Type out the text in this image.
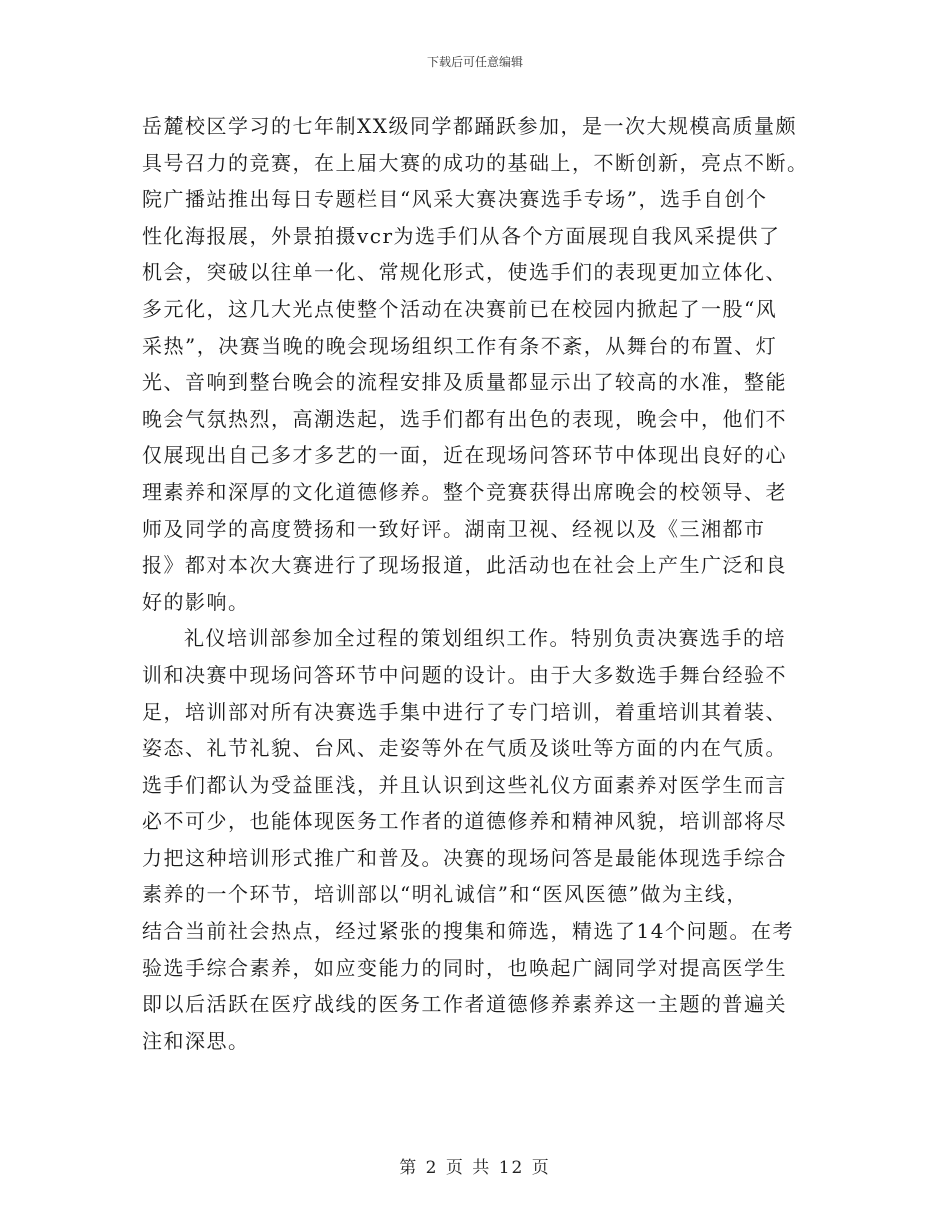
下载后可任意编辑

岳麓校区学习的七年制XX级同学都踊跃参加，是一次大规模高质量颇
具号召力的竞赛，在上届大赛的成功的基础上，不断创新，亮点不断。
院广播站推出每日专题栏目“风采大赛决赛选手专场”，选手自创个
性化海报展，外景拍摄vcr为选手们从各个方面展现自我风采提供了
机会，突破以往单一化、常规化形式，使选手们的表现更加立体化、
多元化，这几大光点使整个活动在决赛前已在校园内掀起了一股“风
采热”，决赛当晚的晚会现场组织工作有条不紊，从舞台的布置、灯
光、音响到整台晚会的流程安排及质量都显示出了较高的水准，整能
晚会气氛热烈，高潮迭起，选手们都有出色的表现，晚会中，他们不
仅展现出自己多才多艺的一面，近在现场问答环节中体现出良好的心
理素养和深厚的文化道德修养。整个竞赛获得出席晚会的校领导、老
师及同学的高度赞扬和一致好评。湖南卫视、经视以及《三湘都市
报》都对本次大赛进行了现场报道，此活动也在社会上产生广泛和良
好的影响。

礼仪培训部参加全过程的策划组织工作。特别负责决赛选手的培
训和决赛中现场问答环节中问题的设计。由于大多数选手舞台经验不
足，培训部对所有决赛选手集中进行了专门培训，着重培训其着装、
姿态、礼节礼貌、台风、走姿等外在气质及谈吐等方面的内在气质。
选手们都认为受益匪浅，并且认识到这些礼仪方面素养对医学生而言
必不可少，也能体现医务工作者的道德修养和精神风貌，培训部将尽
力把这种培训形式推广和普及。决赛的现场问答是最能体现选手综合
素养的一个环节，培训部以“明礼诚信”和“医风医德”做为主线，
结合当前社会热点，经过紧张的搜集和筛选，精选了14个问题。在考
验选手综合素养，如应变能力的同时，也唤起广阔同学对提高医学生
即以后活跃在医疗战线的医务工作者道德修养素养这一主题的普遍关
注和深思。

第 2 页 共 12 页
